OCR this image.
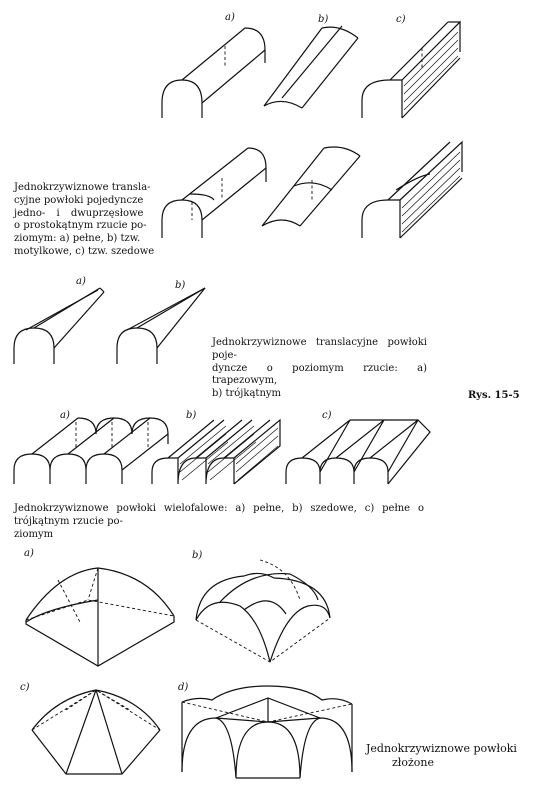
a)	b)	c)
Jednokrzywiznowe transla-
cyjne powłoki pojedyncze
jedno- i dwuprzęsłowe
o prostokątnym rzucie po-
ziomym: a) pełne, b) tzw.
motylkowe, c) tzw. szedowe
a)	b)
Jednokrzywiznowe translacyjne powłoki poje-
dyncze o poziomym rzucie: a) trapezowym,
b) trójkątnym	Rys. 15-5
a)	b)	c)
Jednokrzywiznowe powłoki wielofalowe: a) pełne, b) szedowe, c) pełne o trójkątnym rzucie po-
ziomym
a)	b)
c)	d)
Jednokrzywiznowe powłoki
złożone
